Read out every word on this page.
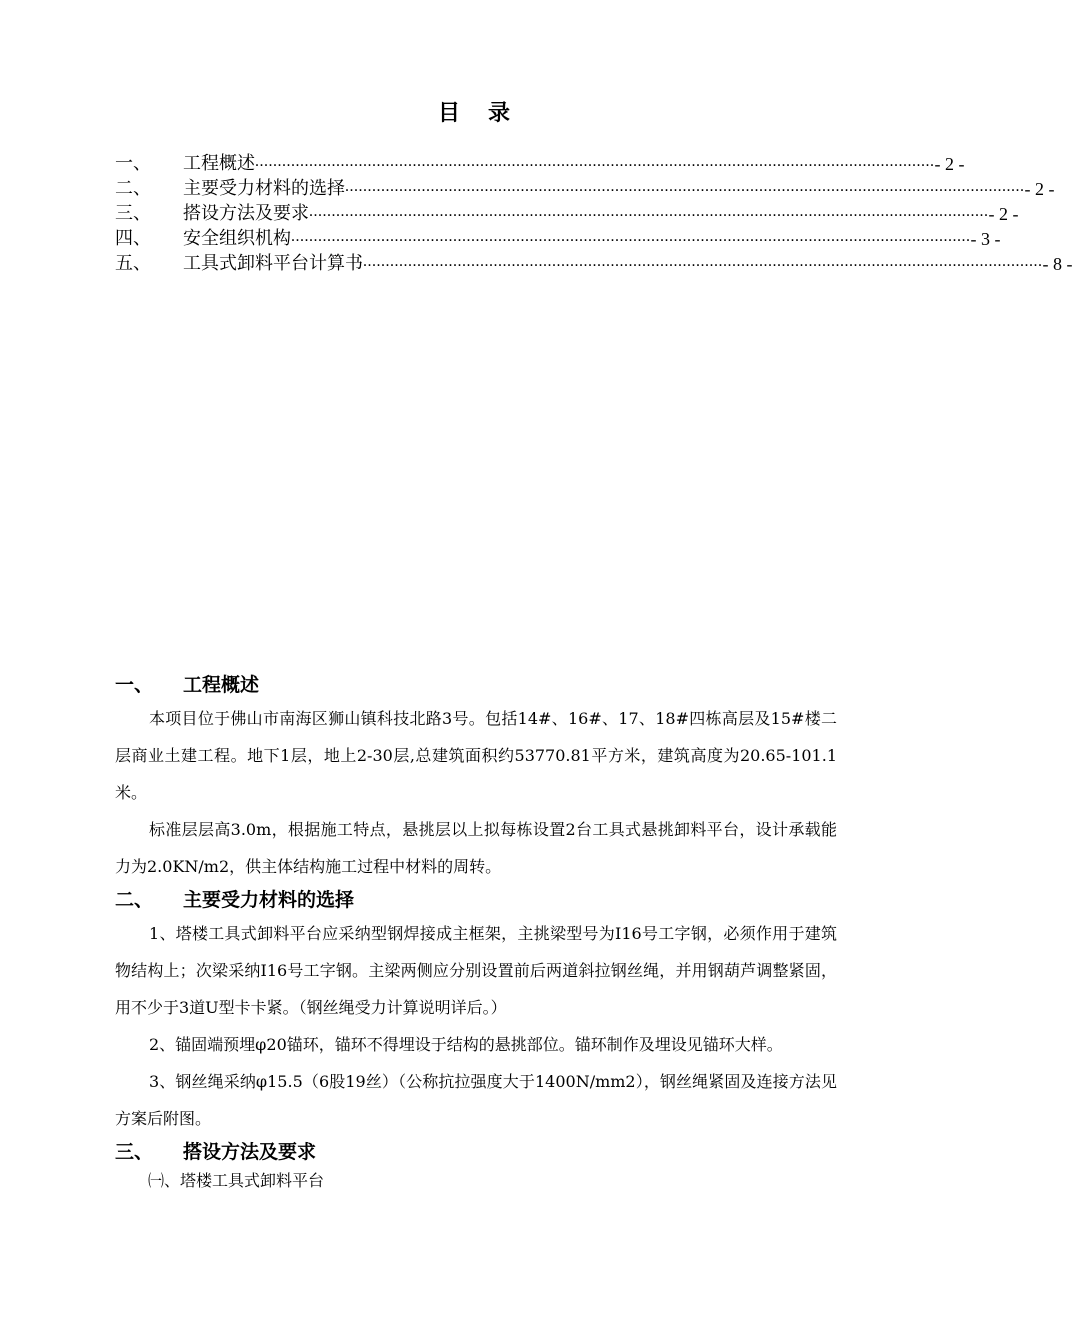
目 录
一、	工程概述 ....................................................................................................................................................... - 2 -
二、	主要受力材料的选择 ....................................................................................................................................................... - 2 -
三、	搭设方法及要求 ....................................................................................................................................................... - 2 -
四、	安全组织机构 ....................................................................................................................................................... - 3 -
五、	工具式卸料平台计算书 ....................................................................................................................................................... - 8 -
一、	工程概述

本项目位于佛山市南海区狮山镇科技北路3号。包括14#、16#、17、18#四栋高层及15#楼二层商业土建工程。地下1层，地上2-30层,总建筑面积约53770.81平方米，建筑高度为20.65-101.1米。

标准层层高3.0m，根据施工特点，悬挑层以上拟每栋设置2台工具式悬挑卸料平台，设计承载能力为2.0KN/m2，供主体结构施工过程中材料的周转。

二、	主要受力材料的选择

1、塔楼工具式卸料平台应采纳型钢焊接成主框架，主挑梁型号为I16号工字钢，必须作用于建筑物结构上；次梁采纳I16号工字钢。主梁两侧应分别设置前后两道斜拉钢丝绳，并用钢葫芦调整紧固，用不少于3道U型卡卡紧。（钢丝绳受力计算说明详后。）

2、锚固端预埋φ20锚环，锚环不得埋设于结构的悬挑部位。锚环制作及埋设见锚环大样。

3、钢丝绳采纳φ15.5（6股19丝）（公称抗拉强度大于1400N/mm2），钢丝绳紧固及连接方法见方案后附图。

三、	搭设方法及要求
㈠、塔楼工具式卸料平台
